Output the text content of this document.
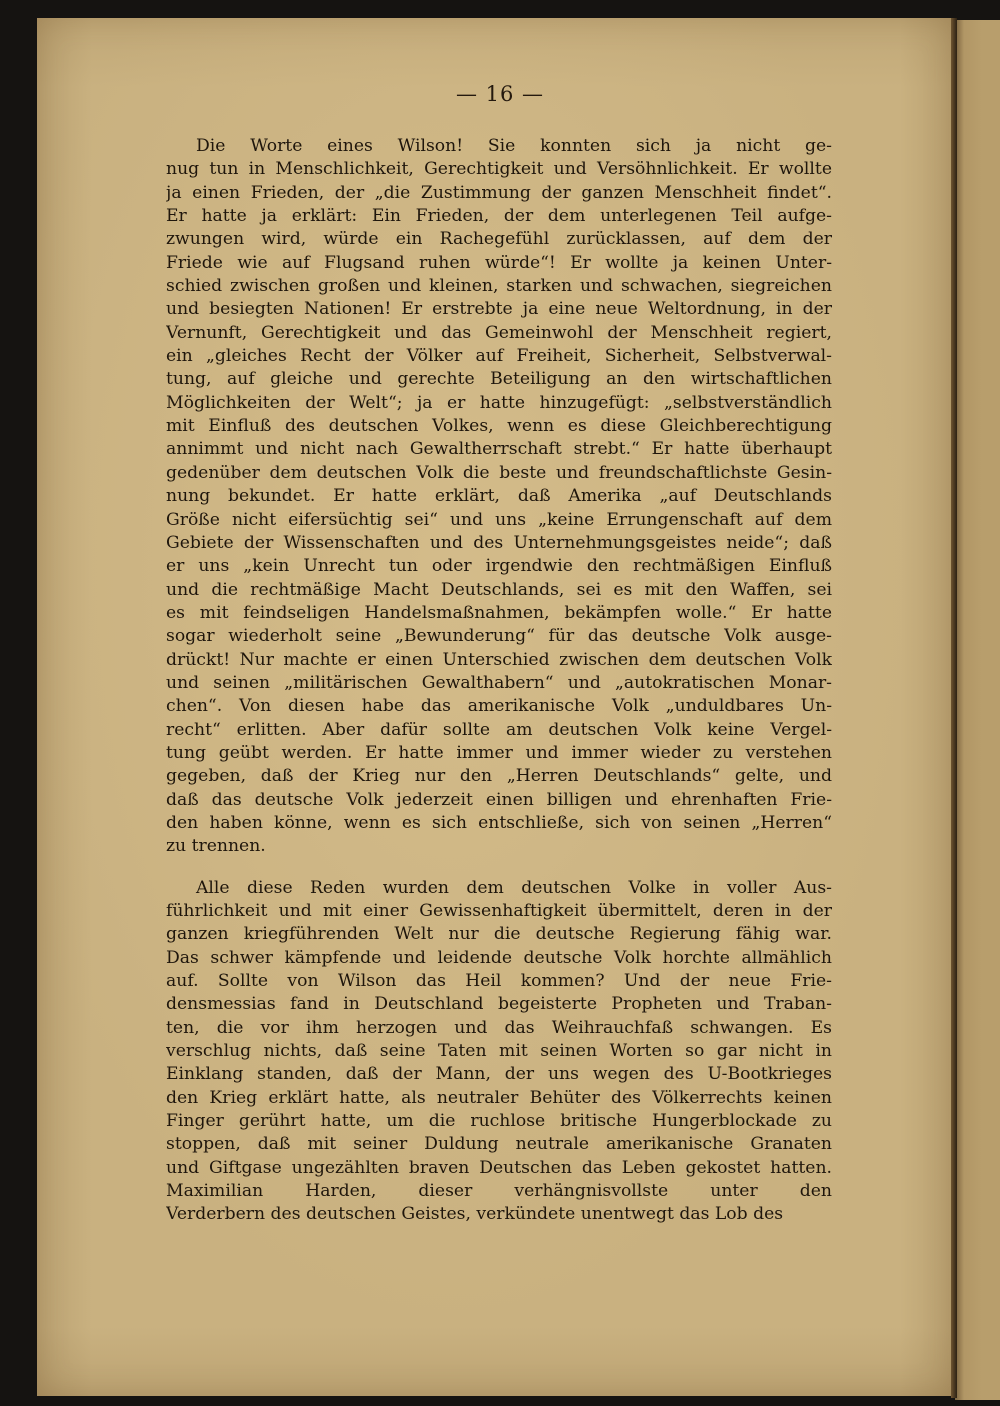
— 16 —
Die Worte eines Wilson! Sie konnten sich ja nicht ge-
nug tun in Menschlichkeit, Gerechtigkeit und Versöhnlichkeit. Er wollte
ja einen Frieden, der „die Zustimmung der ganzen Menschheit findet“.
Er hatte ja erklärt: Ein Frieden, der dem unterlegenen Teil aufge-
zwungen wird, würde ein Rachegefühl zurücklassen, auf dem der
Friede wie auf Flugsand ruhen würde“! Er wollte ja keinen Unter-
schied zwischen großen und kleinen, starken und schwachen, siegreichen
und besiegten Nationen! Er erstrebte ja eine neue Weltordnung, in der
Vernunft, Gerechtigkeit und das Gemeinwohl der Menschheit regiert,
ein „gleiches Recht der Völker auf Freiheit, Sicherheit, Selbstverwal-
tung, auf gleiche und gerechte Beteiligung an den wirtschaftlichen
Möglichkeiten der Welt“; ja er hatte hinzugefügt: „selbstverständlich
mit Einfluß des deutschen Volkes, wenn es diese Gleichberechtigung
annimmt und nicht nach Gewaltherrschaft strebt.“ Er hatte überhaupt
gedenüber dem deutschen Volk die beste und freundschaftlichste Gesin-
nung bekundet. Er hatte erklärt, daß Amerika „auf Deutschlands
Größe nicht eifersüchtig sei“ und uns „keine Errungenschaft auf dem
Gebiete der Wissenschaften und des Unternehmungsgeistes neide“; daß
er uns „kein Unrecht tun oder irgendwie den rechtmäßigen Einfluß
und die rechtmäßige Macht Deutschlands, sei es mit den Waffen, sei
es mit feindseligen Handelsmaßnahmen, bekämpfen wolle.“ Er hatte
sogar wiederholt seine „Bewunderung“ für das deutsche Volk ausge-
drückt! Nur machte er einen Unterschied zwischen dem deutschen Volk
und seinen „militärischen Gewalthabern“ und „autokratischen Monar-
chen“. Von diesen habe das amerikanische Volk „unduldbares Un-
recht“ erlitten. Aber dafür sollte am deutschen Volk keine Vergel-
tung geübt werden. Er hatte immer und immer wieder zu verstehen
gegeben, daß der Krieg nur den „Herren Deutschlands“ gelte, und
daß das deutsche Volk jederzeit einen billigen und ehrenhaften Frie-
den haben könne, wenn es sich entschließe, sich von seinen „Herren“
zu trennen.
Alle diese Reden wurden dem deutschen Volke in voller Aus-
führlichkeit und mit einer Gewissenhaftigkeit übermittelt, deren in der
ganzen kriegführenden Welt nur die deutsche Regierung fähig war.
Das schwer kämpfende und leidende deutsche Volk horchte allmählich
auf. Sollte von Wilson das Heil kommen? Und der neue Frie-
densmessias fand in Deutschland begeisterte Propheten und Traban-
ten, die vor ihm herzogen und das Weihrauchfaß schwangen. Es
verschlug nichts, daß seine Taten mit seinen Worten so gar nicht in
Einklang standen, daß der Mann, der uns wegen des U-Bootkrieges
den Krieg erklärt hatte, als neutraler Behüter des Völkerrechts keinen
Finger gerührt hatte, um die ruchlose britische Hungerblockade zu
stoppen, daß mit seiner Duldung neutrale amerikanische Granaten
und Giftgase ungezählten braven Deutschen das Leben gekostet hatten.
Maximilian Harden, dieser verhängnisvollste unter den
Verderbern des deutschen Geistes, verkündete unentwegt das Lob des
